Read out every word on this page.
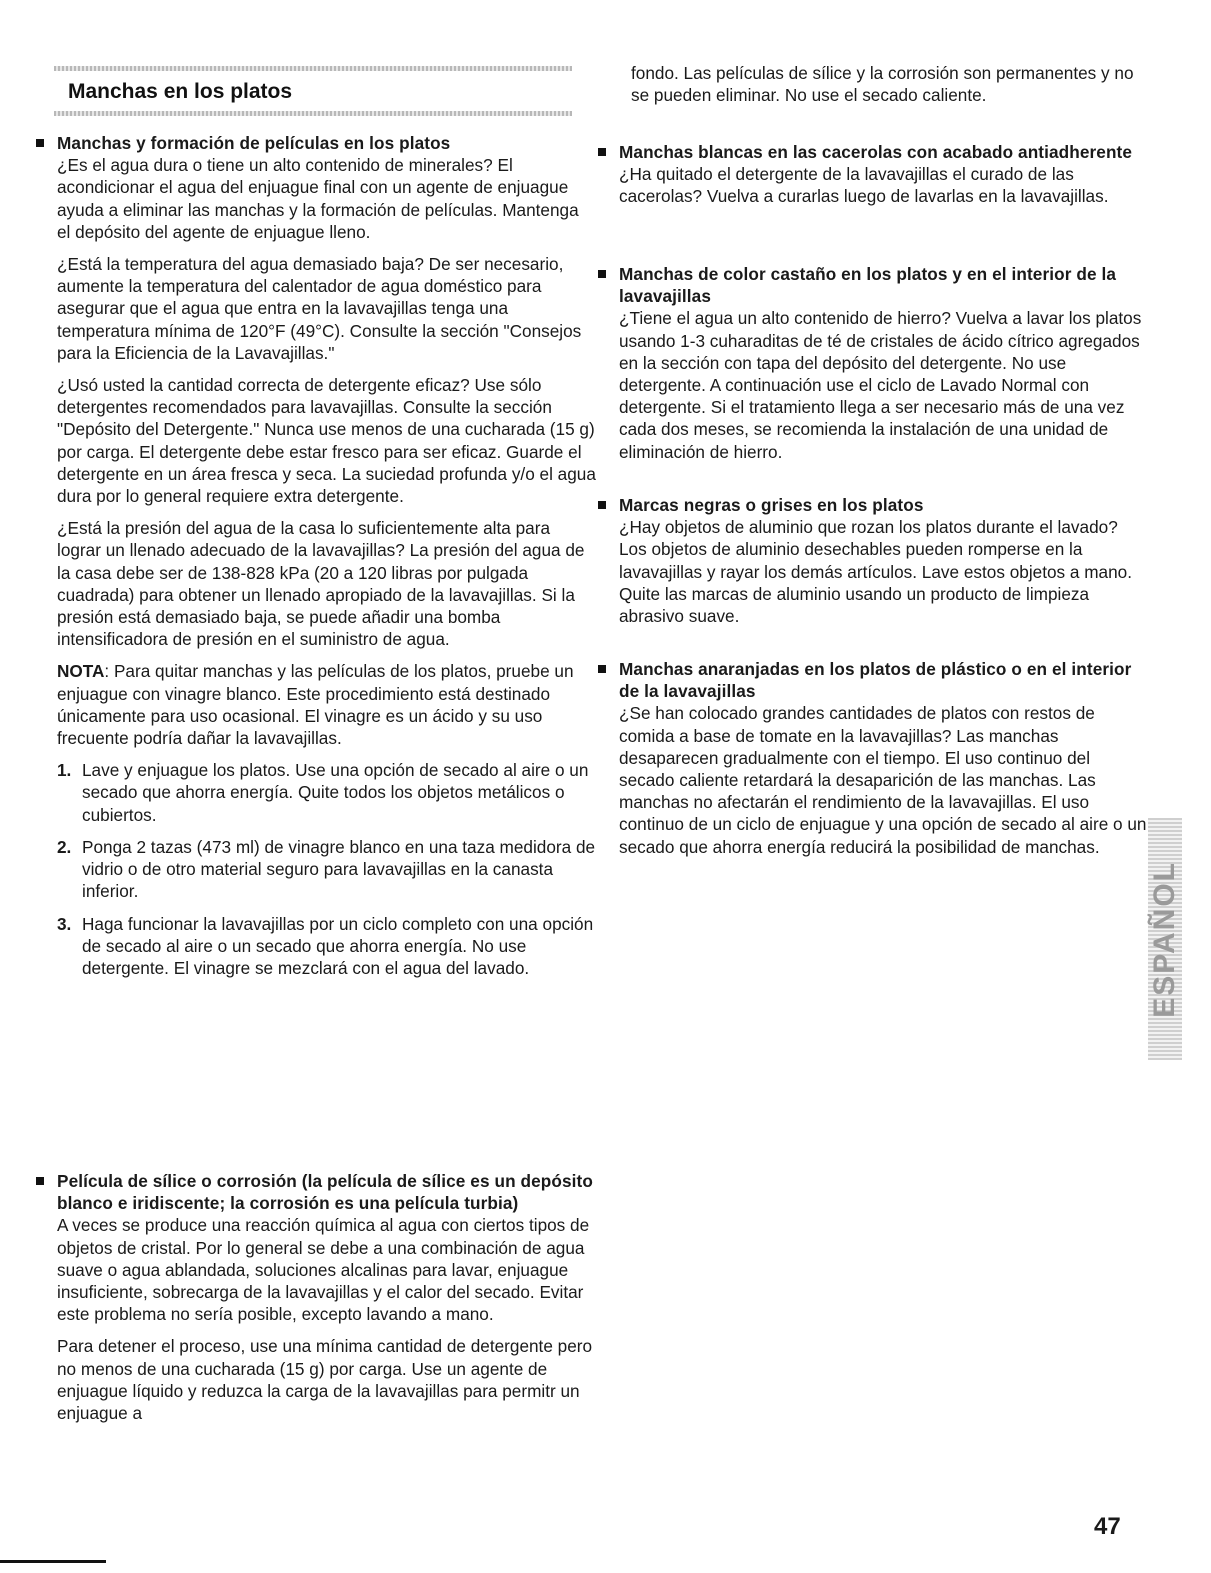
Manchas en los platos
Manchas y formación de películas en los platos

¿Es el agua dura o tiene un alto contenido de minerales? El acondicionar el agua del enjuague final con un agente de enjuague ayuda a eliminar las manchas y la formación de películas. Mantenga el depósito del agente de enjuague lleno.

¿Está la temperatura del agua demasiado baja? De ser necesario, aumente la temperatura del calentador de agua doméstico para asegurar que el agua que entra en la lavavajillas tenga una temperatura mínima de 120°F (49°C). Consulte la sección "Consejos para la Eficiencia de la Lavavajillas."

¿Usó usted la cantidad correcta de detergente eficaz? Use sólo detergentes recomendados para lavavajillas. Consulte la sección "Depósito del Detergente." Nunca use menos de una cucharada (15 g) por carga. El detergente debe estar fresco para ser eficaz. Guarde el detergente en un área fresca y seca. La suciedad profunda y/o el agua dura por lo general requiere extra detergente.

¿Está la presión del agua de la casa lo suficientemente alta para lograr un llenado adecuado de la lavavajillas? La presión del agua de la casa debe ser de 138-828 kPa (20 a 120 libras por pulgada cuadrada) para obtener un llenado apropiado de la lavavajillas. Si la presión está demasiado baja, se puede añadir una bomba intensificadora de presión en el suministro de agua.

NOTA: Para quitar manchas y las películas de los platos, pruebe un enjuague con vinagre blanco. Este procedimiento está destinado únicamente para uso ocasional. El vinagre es un ácido y su uso frecuente podría dañar la lavavajillas.

1. Lave y enjuague los platos. Use una opción de secado al aire o un secado que ahorra energía. Quite todos los objetos metálicos o cubiertos.
2. Ponga 2 tazas (473 ml) de vinagre blanco en una taza medidora de vidrio o de otro material seguro para lavavajillas en la canasta inferior.
3. Haga funcionar la lavavajillas por un ciclo completo con una opción de secado al aire o un secado que ahorra energía. No use detergente. El vinagre se mezclará con el agua del lavado.
Película de sílice o corrosión (la película de sílice es un depósito blanco e iridiscente; la corrosión es una película turbia)

A veces se produce una reacción química al agua con ciertos tipos de objetos de cristal. Por lo general se debe a una combinación de agua suave o agua ablandada, soluciones alcalinas para lavar, enjuague insuficiente, sobrecarga de la lavavajillas y el calor del secado. Evitar este problema no sería posible, excepto lavando a mano.

Para detener el proceso, use una mínima cantidad de detergente pero no menos de una cucharada (15 g) por carga. Use un agente de enjuague líquido y reduzca la carga de la lavavajillas para permitr un enjuague a

fondo. Las películas de sílice y la corrosión son permanentes y no se pueden eliminar. No use el secado caliente.

Manchas blancas en las cacerolas con acabado antiadherente

¿Ha quitado el detergente de la lavavajillas el curado de las cacerolas? Vuelva a curarlas luego de lavarlas en la lavavajillas.

Manchas de color castaño en los platos y en el interior de la lavavajillas

¿Tiene el agua un alto contenido de hierro? Vuelva a lavar los platos usando 1-3 cuharaditas de té de cristales de ácido cítrico agregados en la sección con tapa del depósito del detergente. No use detergente. A continuación use el ciclo de Lavado Normal con detergente. Si el tratamiento llega a ser necesario más de una vez cada dos meses, se recomienda la instalación de una unidad de eliminación de hierro.

Marcas negras o grises en los platos

¿Hay objetos de aluminio que rozan los platos durante el lavado? Los objetos de aluminio desechables pueden romperse en la lavavajillas y rayar los demás artículos. Lave estos objetos a mano. Quite las marcas de aluminio usando un producto de limpieza abrasivo suave.

Manchas anaranjadas en los platos de plástico o en el interior de la lavavajillas

¿Se han colocado grandes cantidades de platos con restos de comida a base de tomate en la lavavajillas? Las manchas desaparecen gradualmente con el tiempo. El uso continuo del secado caliente retardará la desaparición de las manchas. Las manchas no afectarán el rendimiento de la lavavajillas. El uso continuo de un ciclo de enjuague y una opción de secado al aire o un secado que ahorra energía reducirá la posibilidad de manchas.

ESPAÑOL
47
